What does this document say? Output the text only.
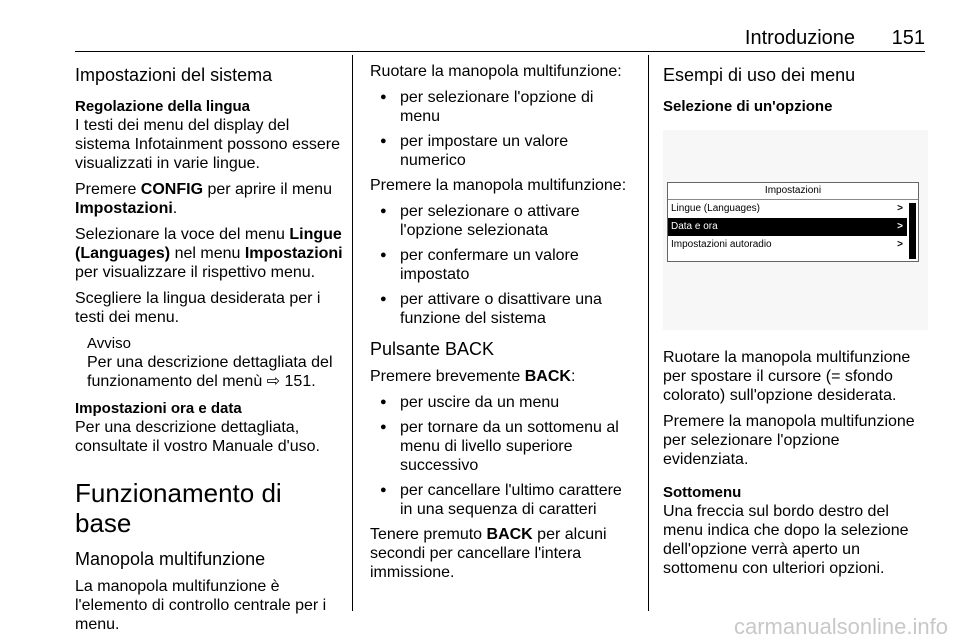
Introduzione 151
Impostazioni del sistema
Regolazione della lingua

I testi dei menu del display del sistema Infotainment possono essere visualizzati in varie lingue.

Premere CONFIG per aprire il menu Impostazioni.

Selezionare la voce del menu Lingue (Languages) nel menu Impostazioni per visualizzare il rispettivo menu.

Scegliere la lingua desiderata per i testi dei menu.

Avviso
Per una descrizione dettagliata del funzionamento del menù ⇨ 151.
Impostazioni ora e data

Per una descrizione dettagliata, consultate il vostro Manuale d'uso.

Funzionamento di base
Manopola multifunzione

La manopola multifunzione è l'elemento di controllo centrale per i menu.

Ruotare la manopola multifunzione:

● per selezionare l'opzione di menu
● per impostare un valore numerico

Premere la manopola multifunzione:

● per selezionare o attivare l'opzione selezionata
● per confermare un valore impostato
● per attivare o disattivare una funzione del sistema
Pulsante BACK

Premere brevemente BACK:

● per uscire da un menu
● per tornare da un sottomenu al menu di livello superiore successivo
● per cancellare l'ultimo carattere in una sequenza di caratteri

Tenere premuto BACK per alcuni secondi per cancellare l'intera immissione.

Esempi di uso dei menu
Selezione di un'opzione
Impostazioni
Lingue (Languages)	>
Data e ora	>
Impostazioni autoradio	>

Ruotare la manopola multifunzione per spostare il cursore (= sfondo colorato) sull'opzione desiderata.

Premere la manopola multifunzione per selezionare l'opzione evidenziata.

Sottomenu

Una freccia sul bordo destro del menu indica che dopo la selezione dell'opzione verrà aperto un sottomenu con ulteriori opzioni.

carmanualsonline.info
